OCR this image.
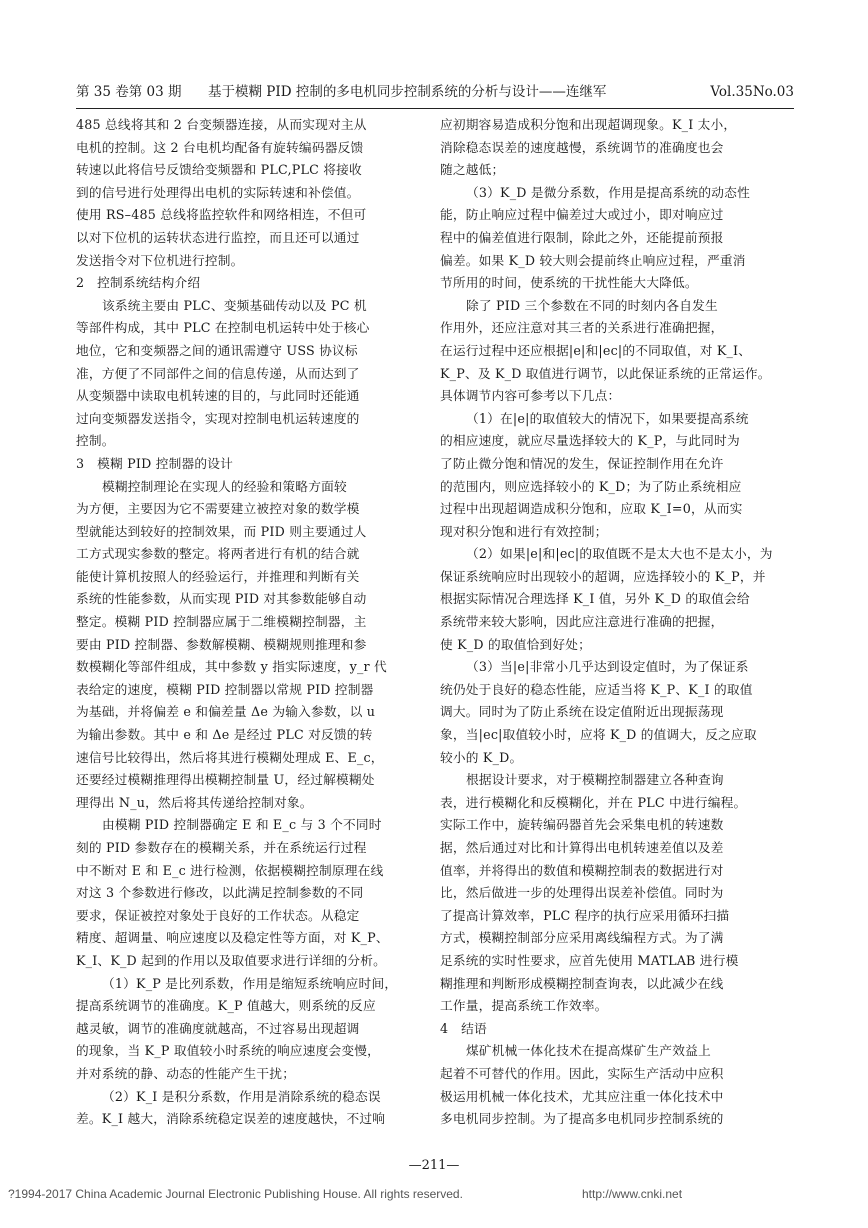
第 35 卷第 03 期 基于模糊 PID 控制的多电机同步控制系统的分析与设计——连继军	Vol.35No.03

485 总线将其和 2 台变频器连接，从而实现对主从

电机的控制。这 2 台电机均配备有旋转编码器反馈

转速以此将信号反馈给变频器和 PLC,PLC 将接收

到的信号进行处理得出电机的实际转速和补偿值。

使用 RS–485 总线将监控软件和网络相连，不但可

以对下位机的运转状态进行监控，而且还可以通过

发送指令对下位机进行控制。

2　控制系统结构介绍

该系统主要由 PLC、变频基础传动以及 PC 机

等部件构成，其中 PLC 在控制电机运转中处于核心

地位，它和变频器之间的通讯需遵守 USS 协议标

准，方便了不同部件之间的信息传递，从而达到了

从变频器中读取电机转速的目的，与此同时还能通

过向变频器发送指令，实现对控制电机运转速度的

控制。

3　模糊 PID 控制器的设计

模糊控制理论在实现人的经验和策略方面较

为方便，主要因为它不需要建立被控对象的数学模

型就能达到较好的控制效果，而 PID 则主要通过人

工方式现实参数的整定。将两者进行有机的结合就

能使计算机按照人的经验运行，并推理和判断有关

系统的性能参数，从而实现 PID 对其参数能够自动

整定。模糊 PID 控制器应属于二维模糊控制器，主

要由 PID 控制器、参数解模糊、模糊规则推理和参

数模糊化等部件组成，其中参数 y 指实际速度，y_r 代

表给定的速度，模糊 PID 控制器以常规 PID 控制器

为基础，并将偏差 e 和偏差量 Δe 为输入参数，以 u

为输出参数。其中 e 和 Δe 是经过 PLC 对反馈的转

速信号比较得出，然后将其进行模糊处理成 E、E_c，

还要经过模糊推理得出模糊控制量 U，经过解模糊处

理得出 N_u，然后将其传递给控制对象。

由模糊 PID 控制器确定 E 和 E_c 与 3 个不同时

刻的 PID 参数存在的模糊关系，并在系统运行过程

中不断对 E 和 E_c 进行检测，依据模糊控制原理在线

对这 3 个参数进行修改，以此满足控制参数的不同

要求，保证被控对象处于良好的工作状态。从稳定

精度、超调量、响应速度以及稳定性等方面，对 K_P、

K_I、K_D 起到的作用以及取值要求进行详细的分析。

（1）K_P 是比列系数，作用是缩短系统响应时间，

提高系统调节的准确度。K_P 值越大，则系统的反应

越灵敏，调节的准确度就越高，不过容易出现超调

的现象，当 K_P 取值较小时系统的响应速度会变慢，

并对系统的静、动态的性能产生干扰；

（2）K_I 是积分系数，作用是消除系统的稳态误

差。K_I 越大，消除系统稳定误差的速度越快，不过响

应初期容易造成积分饱和出现超调现象。K_I 太小，

消除稳态误差的速度越慢，系统调节的准确度也会

随之越低；

（3）K_D 是微分系数，作用是提高系统的动态性

能，防止响应过程中偏差过大或过小，即对响应过

程中的偏差值进行限制，除此之外，还能提前预报

偏差。如果 K_D 较大则会提前终止响应过程，严重消

节所用的时间，使系统的干扰性能大大降低。

除了 PID 三个参数在不同的时刻内各自发生

作用外，还应注意对其三者的关系进行准确把握，

在运行过程中还应根据|e|和|ec|的不同取值，对 K_I、

K_P、及 K_D 取值进行调节，以此保证系统的正常运作。

具体调节内容可参考以下几点：

（1）在|e|的取值较大的情况下，如果要提高系统

的相应速度，就应尽量选择较大的 K_P，与此同时为

了防止微分饱和情况的发生，保证控制作用在允许

的范围内，则应选择较小的 K_D；为了防止系统相应

过程中出现超调造成积分饱和，应取 K_I=0，从而实

现对积分饱和进行有效控制；

（2）如果|e|和|ec|的取值既不是太大也不是太小，为

保证系统响应时出现较小的超调，应选择较小的 K_P，并

根据实际情况合理选择 K_I 值，另外 K_D 的取值会给

系统带来较大影响，因此应注意进行准确的把握，

使 K_D 的取值恰到好处；

（3）当|e|非常小几乎达到设定值时，为了保证系

统仍处于良好的稳态性能，应适当将 K_P、K_I 的取值

调大。同时为了防止系统在设定值附近出现振荡现

象，当|ec|取值较小时，应将 K_D 的值调大，反之应取

较小的 K_D。

根据设计要求，对于模糊控制器建立各种查询

表，进行模糊化和反模糊化，并在 PLC 中进行编程。

实际工作中，旋转编码器首先会采集电机的转速数

据，然后通过对比和计算得出电机转速差值以及差

值率，并将得出的数值和模糊控制表的数据进行对

比，然后做进一步的处理得出误差补偿值。同时为

了提高计算效率，PLC 程序的执行应采用循环扫描

方式，模糊控制部分应采用离线编程方式。为了满

足系统的实时性要求，应首先使用 MATLAB 进行模

糊推理和判断形成模糊控制查询表，以此减少在线

工作量，提高系统工作效率。

4　结语

煤矿机械一体化技术在提高煤矿生产效益上

起着不可替代的作用。因此，实际生产活动中应积

极运用机械一体化技术，尤其应注重一体化技术中

多电机同步控制。为了提高多电机同步控制系统的

—211—
?1994-2017 China Academic Journal Electronic Publishing House. All rights reserved.	http://www.cnki.net
